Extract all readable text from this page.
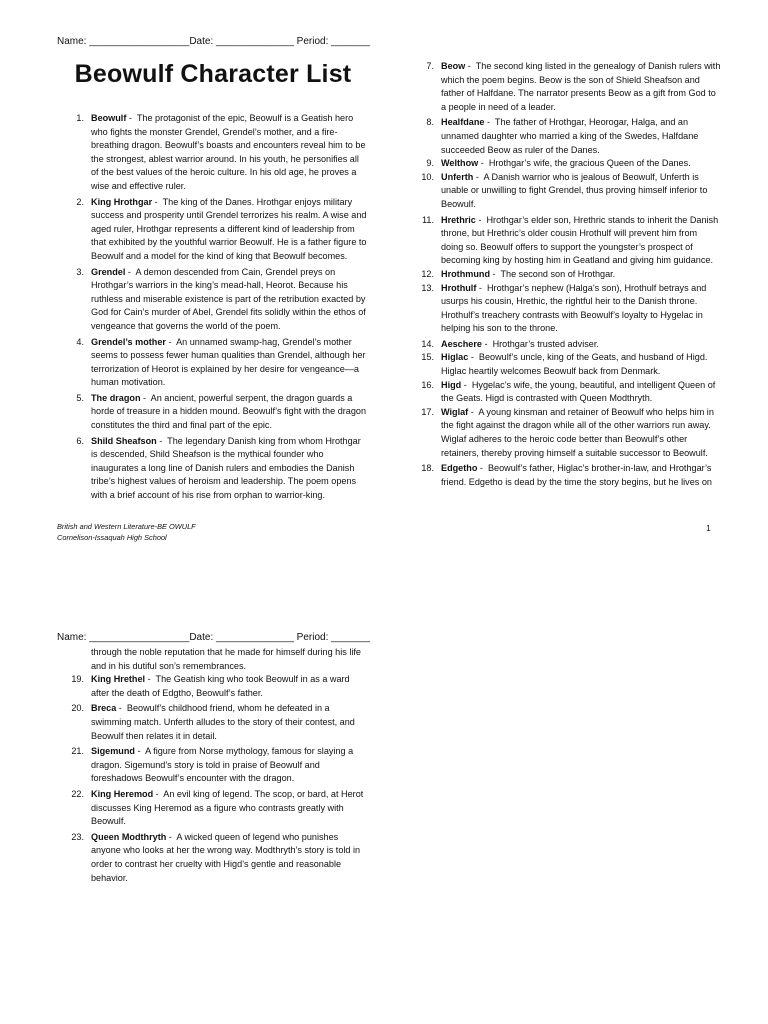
Name: __________________Date: ______________ Period: _______
Beowulf Character List
1. Beowulf -  The protagonist of the epic, Beowulf is a Geatish hero who fights the monster Grendel, Grendel’s mother, and a fire-breathing dragon. Beowulf’s boasts and encounters reveal him to be the strongest, ablest warrior around. In his youth, he personifies all of the best values of the heroic culture. In his old age, he proves a wise and effective ruler.
2. King Hrothgar -  The king of the Danes. Hrothgar enjoys military success and prosperity until Grendel terrorizes his realm. A wise and aged ruler, Hrothgar represents a different kind of leadership from that exhibited by the youthful warrior Beowulf. He is a father figure to Beowulf and a model for the kind of king that Beowulf becomes.
3. Grendel -  A demon descended from Cain, Grendel preys on Hrothgar’s warriors in the king’s mead-hall, Heorot. Because his ruthless and miserable existence is part of the retribution exacted by God for Cain’s murder of Abel, Grendel fits solidly within the ethos of vengeance that governs the world of the poem.
4. Grendel’s mother -  An unnamed swamp-hag, Grendel’s mother seems to possess fewer human qualities than Grendel, although her terrorization of Heorot is explained by her desire for vengeance—a human motivation.
5. The dragon -  An ancient, powerful serpent, the dragon guards a horde of treasure in a hidden mound. Beowulf’s fight with the dragon constitutes the third and final part of the epic.
6. Shild Sheafson -  The legendary Danish king from whom Hrothgar is descended, Shild Sheafson is the mythical founder who inaugurates a long line of Danish rulers and embodies the Danish tribe’s highest values of heroism and leadership. The poem opens with a brief account of his rise from orphan to warrior-king.
7. Beow -  The second king listed in the genealogy of Danish rulers with which the poem begins. Beow is the son of Shield Sheafson and father of Halfdane. The narrator presents Beow as a gift from God to a people in need of a leader.
8. Healfdane -  The father of Hrothgar, Heorogar, Halga, and an unnamed daughter who married a king of the Swedes, Halfdane succeeded Beow as ruler of the Danes.
9. Welthow -  Hrothgar’s wife, the gracious Queen of the Danes.
10. Unferth -  A Danish warrior who is jealous of Beowulf, Unferth is unable or unwilling to fight Grendel, thus proving himself inferior to Beowulf.
11. Hrethric -  Hrothgar’s elder son, Hrethric stands to inherit the Danish throne, but Hrethric’s older cousin Hrothulf will prevent him from doing so. Beowulf offers to support the youngster’s prospect of becoming king by hosting him in Geatland and giving him guidance.
12. Hrothmund -  The second son of Hrothgar.
13. Hrothulf -  Hrothgar’s nephew (Halga’s son), Hrothulf betrays and usurps his cousin, Hrethic, the rightful heir to the Danish throne. Hrothulf’s treachery contrasts with Beowulf’s loyalty to Hygelac in helping his son to the throne.
14. Aeschere -  Hrothgar’s trusted adviser.
15. Higlac -  Beowulf’s uncle, king of the Geats, and husband of Higd. Higlac heartily welcomes Beowulf back from Denmark.
16. Higd -  Hygelac’s wife, the young, beautiful, and intelligent Queen of the Geats. Higd is contrasted with Queen Modthryth.
17. Wiglaf -  A young kinsman and retainer of Beowulf who helps him in the fight against the dragon while all of the other warriors run away. Wiglaf adheres to the heroic code better than Beowulf’s other retainers, thereby proving himself a suitable successor to Beowulf.
18. Edgetho -  Beowulf’s father, Higlac’s brother-in-law, and Hrothgar’s friend. Edgetho is dead by the time the story begins, but he lives on
British and Western Literature-BE OWULF
Cornelison-Issaquah High School
1
Name: __________________Date: ______________ Period: _______
through the noble reputation that he made for himself during his life and in his dutiful son’s remembrances.
19. King Hrethel -  The Geatish king who took Beowulf in as a ward after the death of Edgtho, Beowulf’s father.
20. Breca -  Beowulf’s childhood friend, whom he defeated in a swimming match. Unferth alludes to the story of their contest, and Beowulf then relates it in detail.
21. Sigemund -  A figure from Norse mythology, famous for slaying a dragon. Sigemund’s story is told in praise of Beowulf and foreshadows Beowulf’s encounter with the dragon.
22. King Heremod -  An evil king of legend. The scop, or bard, at Herot discusses King Heremod as a figure who contrasts greatly with Beowulf.
23. Queen Modthryth -  A wicked queen of legend who punishes anyone who looks at her the wrong way. Modthryth’s story is told in order to contrast her cruelty with Higd’s gentle and reasonable behavior.
